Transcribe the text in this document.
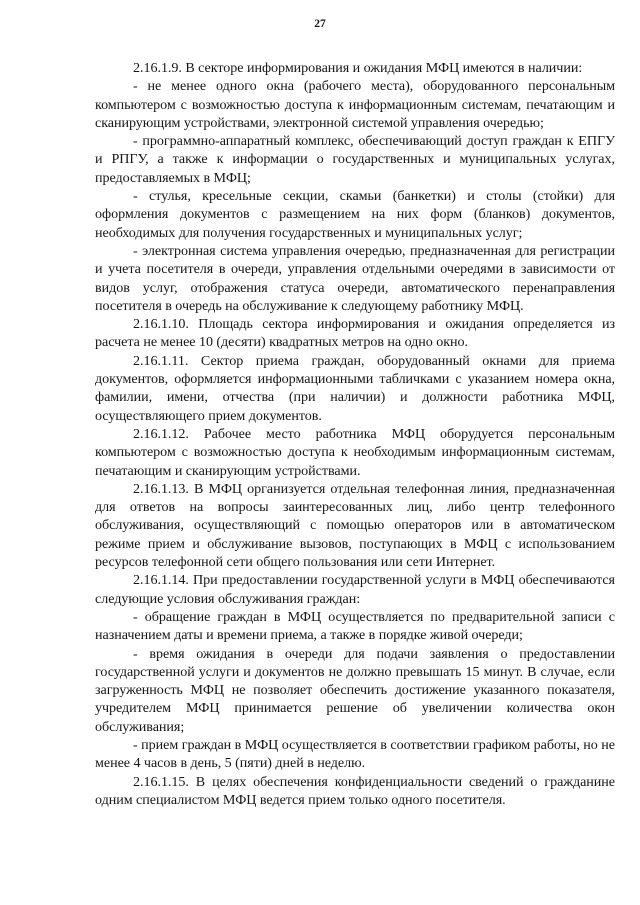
27

2.16.1.9. В секторе информирования и ожидания МФЦ имеются в наличии:

- не менее одного окна (рабочего места), оборудованного персональным компьютером с возможностью доступа к информационным системам, печатающим и сканирующим устройствами, электронной системой управления очередью;

- программно-аппаратный комплекс, обеспечивающий доступ граждан к ЕПГУ и РПГУ, а также к информации о государственных и муниципальных услугах, предоставляемых в МФЦ;

- стулья, кресельные секции, скамьи (банкетки) и столы (стойки) для оформления документов с размещением на них форм (бланков) документов, необходимых для получения государственных и муниципальных услуг;

- электронная система управления очередью, предназначенная для регистрации и учета посетителя в очереди, управления отдельными очередями в зависимости от видов услуг, отображения статуса очереди, автоматического перенаправления посетителя в очередь на обслуживание к следующему работнику МФЦ.

2.16.1.10. Площадь сектора информирования и ожидания определяется из расчета не менее 10 (десяти) квадратных метров на одно окно.

2.16.1.11. Сектор приема граждан, оборудованный окнами для приема документов, оформляется информационными табличками с указанием номера окна, фамилии, имени, отчества (при наличии) и должности работника МФЦ, осуществляющего прием документов.

2.16.1.12. Рабочее место работника МФЦ оборудуется персональным компьютером с возможностью доступа к необходимым информационным системам, печатающим и сканирующим устройствами.

2.16.1.13. В МФЦ организуется отдельная телефонная линия, предназначенная для ответов на вопросы заинтересованных лиц, либо центр телефонного обслуживания, осуществляющий с помощью операторов или в автоматическом режиме прием и обслуживание вызовов, поступающих в МФЦ с использованием ресурсов телефонной сети общего пользования или сети Интернет.

2.16.1.14. При предоставлении государственной услуги в МФЦ обеспечиваются следующие условия обслуживания граждан:

- обращение граждан в МФЦ осуществляется по предварительной записи с назначением даты и времени приема, а также в порядке живой очереди;

- время ожидания в очереди для подачи заявления о предоставлении государственной услуги и документов не должно превышать 15 минут. В случае, если загруженность МФЦ не позволяет обеспечить достижение указанного показателя, учредителем МФЦ принимается решение об увеличении количества окон обслуживания;

- прием граждан в МФЦ осуществляется в соответствии графиком работы, но не менее 4 часов в день, 5 (пяти) дней в неделю.

2.16.1.15. В целях обеспечения конфиденциальности сведений о гражданине одним специалистом МФЦ ведется прием только одного посетителя.
